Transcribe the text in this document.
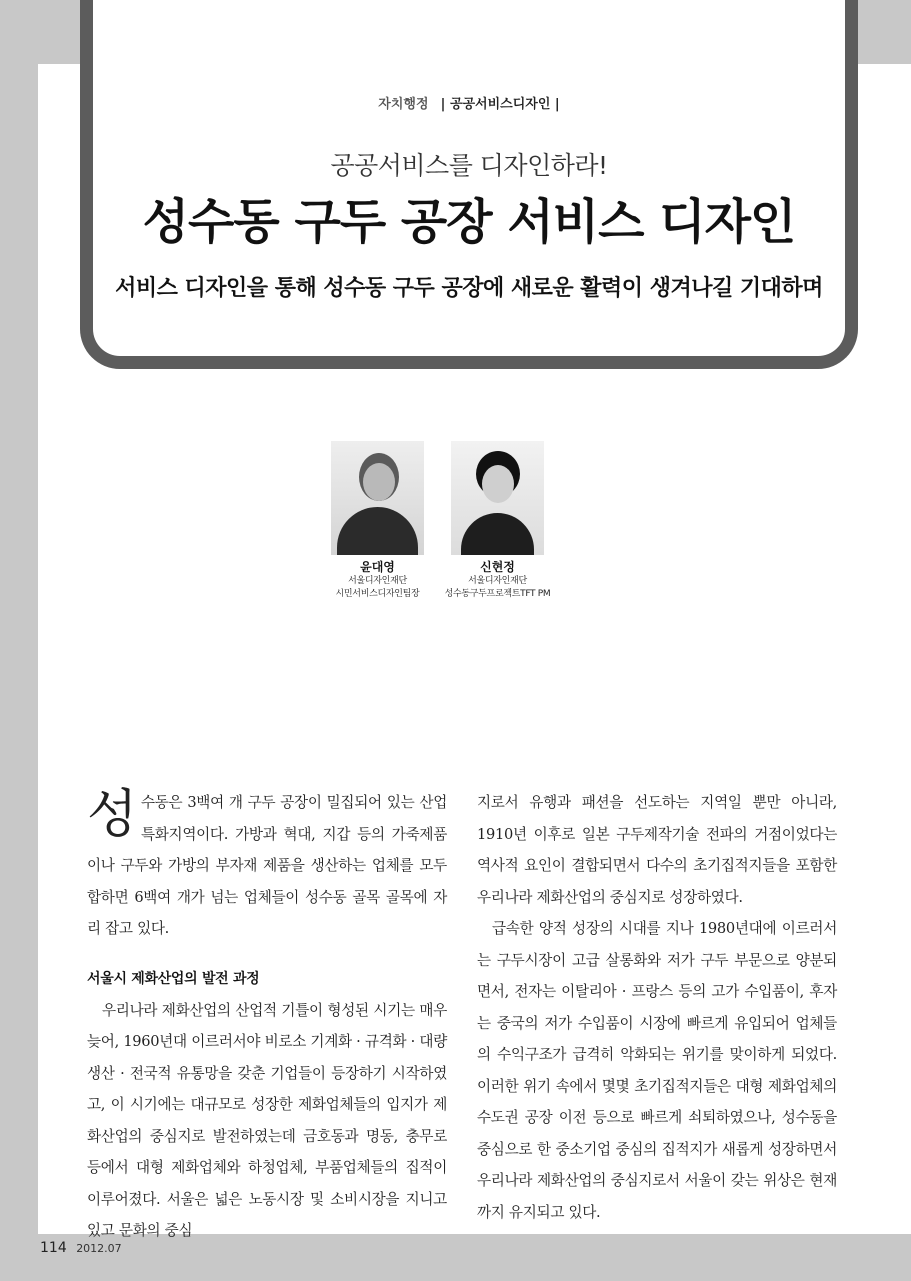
자치행정 | 공공서비스디자인 |
공공서비스를 디자인하라!
성수동 구두 공장 서비스 디자인
서비스 디자인을 통해 성수동 구두 공장에 새로운 활력이 생겨나길 기대하며
윤대영
서울디자인재단
시민서비스디자인팀장
신현정
서울디자인재단
성수동구두프로젝트TFT PM

성 수동은 3백여 개 구두 공장이 밀집되어 있는 산업특화지역이다. 가방과 혁대, 지갑 등의 가죽제품이나 구두와 가방의 부자재 제품을 생산하는 업체를 모두 합하면 6백여 개가 넘는 업체들이 성수동 골목 골목에 자리 잡고 있다.

서울시 제화산업의 발전 과정

우리나라 제화산업의 산업적 기틀이 형성된 시기는 매우 늦어, 1960년대 이르러서야 비로소 기계화 · 규격화 · 대량생산 · 전국적 유통망을 갖춘 기업들이 등장하기 시작하였고, 이 시기에는 대규모로 성장한 제화업체들의 입지가 제화산업의 중심지로 발전하였는데 금호동과 명동, 충무로 등에서 대형 제화업체와 하청업체, 부품업체들의 집적이 이루어졌다. 서울은 넓은 노동시장 및 소비시장을 지니고 있고 문화의 중심

지로서 유행과 패션을 선도하는 지역일 뿐만 아니라, 1910년 이후로 일본 구두제작기술 전파의 거점이었다는 역사적 요인이 결합되면서 다수의 초기집적지들을 포함한 우리나라 제화산업의 중심지로 성장하였다.

급속한 양적 성장의 시대를 지나 1980년대에 이르러서는 구두시장이 고급 살롱화와 저가 구두 부문으로 양분되면서, 전자는 이탈리아 · 프랑스 등의 고가 수입품이, 후자는 중국의 저가 수입품이 시장에 빠르게 유입되어 업체들의 수익구조가 급격히 악화되는 위기를 맞이하게 되었다. 이러한 위기 속에서 몇몇 초기집적지들은 대형 제화업체의 수도권 공장 이전 등으로 빠르게 쇠퇴하였으나, 성수동을 중심으로 한 중소기업 중심의 집적지가 새롭게 성장하면서 우리나라 제화산업의 중심지로서 서울이 갖는 위상은 현재까지 유지되고 있다.

114 2012.07
